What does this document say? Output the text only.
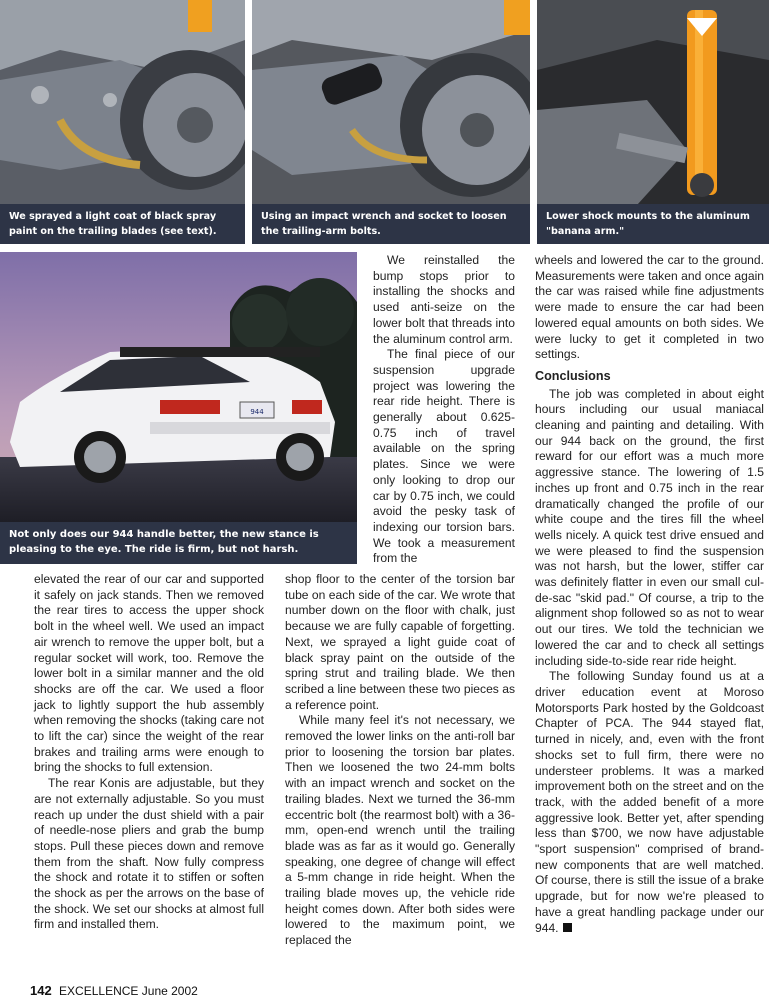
We sprayed a light coat of black spray paint on the trailing blades (see text).
Using an impact wrench and socket to loosen the trailing-arm bolts.
Lower shock mounts to the aluminum "banana arm."
944
Not only does our 944 handle better, the new stance is pleasing to the eye. The ride is firm, but not harsh.

We reinstalled the bump stops prior to installing the shocks and used anti-seize on the lower bolt that threads into the aluminum control arm.

The final piece of our suspension upgrade project was lowering the rear ride height. There is generally about 0.625-0.75 inch of travel available on the spring plates. Since we were only looking to drop our car by 0.75 inch, we could avoid the pesky task of indexing our torsion bars. We took a measurement from the

elevated the rear of our car and supported it safely on jack stands. Then we removed the rear tires to access the upper shock bolt in the wheel well. We used an impact air wrench to remove the upper bolt, but a regular socket will work, too. Remove the lower bolt in a similar manner and the old shocks are off the car. We used a floor jack to lightly support the hub assembly when removing the shocks (taking care not to lift the car) since the weight of the rear brakes and trailing arms were enough to bring the shocks to full extension.

The rear Konis are adjustable, but they are not externally adjustable. So you must reach up under the dust shield with a pair of needle-nose pliers and grab the bump stops. Pull these pieces down and remove them from the shaft. Now fully compress the shock and rotate it to stiffen or soften the shock as per the arrows on the base of the shock. We set our shocks at almost full firm and installed them.

shop floor to the center of the torsion bar tube on each side of the car. We wrote that number down on the floor with chalk, just because we are fully capable of forgetting. Next, we sprayed a light guide coat of black spray paint on the outside of the spring strut and trailing blade. We then scribed a line between these two pieces as a reference point.

While many feel it's not necessary, we removed the lower links on the anti-roll bar prior to loosening the torsion bar plates. Then we loosened the two 24-mm bolts with an impact wrench and socket on the trailing blades. Next we turned the 36-mm eccentric bolt (the rearmost bolt) with a 36-mm, open-end wrench until the trailing blade was as far as it would go. Generally speaking, one degree of change will effect a 5-mm change in ride height. When the trailing blade moves up, the vehicle ride height comes down. After both sides were lowered to the maximum point, we replaced the

wheels and lowered the car to the ground. Measurements were taken and once again the car was raised while fine adjustments were made to ensure the car had been lowered equal amounts on both sides. We were lucky to get it completed in two settings.

Conclusions

The job was completed in about eight hours including our usual maniacal cleaning and painting and detailing. With our 944 back on the ground, the first reward for our effort was a much more aggressive stance. The lowering of 1.5 inches up front and 0.75 inch in the rear dramatically changed the profile of our white coupe and the tires fill the wheel wells nicely. A quick test drive ensued and we were pleased to find the suspension was not harsh, but the lower, stiffer car was definitely flatter in even our small cul-de-sac "skid pad." Of course, a trip to the alignment shop followed so as not to wear out our tires. We told the technician we lowered the car and to check all settings including side-to-side rear ride height.

The following Sunday found us at a driver education event at Moroso Motorsports Park hosted by the Goldcoast Chapter of PCA. The 944 stayed flat, turned in nicely, and, even with the front shocks set to full firm, there were no understeer problems. It was a marked improvement both on the street and on the track, with the added benefit of a more aggressive look. Better yet, after spending less than $700, we now have adjustable "sport suspension" comprised of brand-new components that are well matched. Of course, there is still the issue of a brake upgrade, but for now we're pleased to have a great handling package under our 944.

142 EXCELLENCE June 2002
